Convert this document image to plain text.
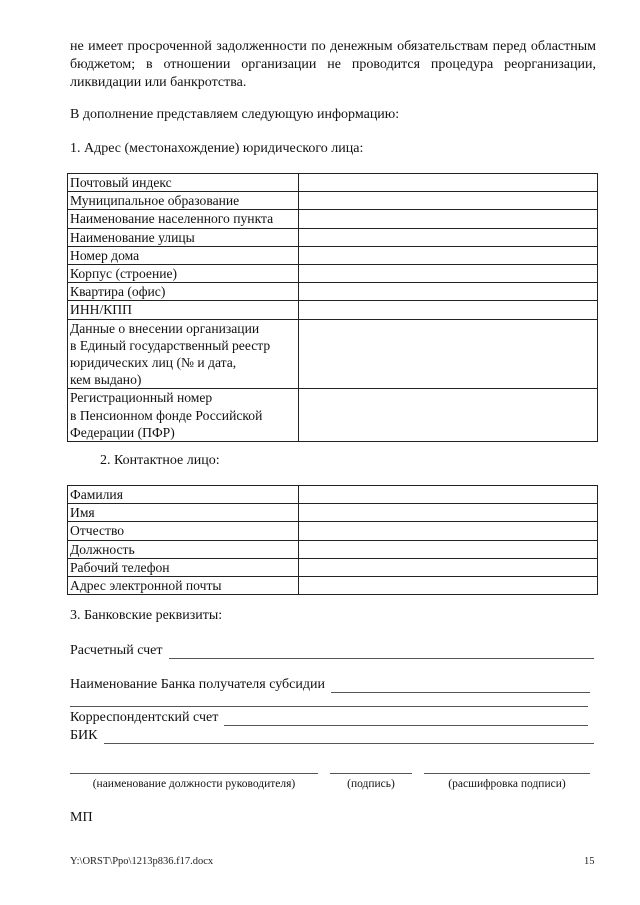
не имеет просроченной задолженности по денежным обязательствам перед областным бюджетом; в отношении организации не проводится процедура реорганизации, ликвидации или банкротства.
В дополнение представляем следующую информацию:
1. Адрес (местонахождение) юридического лица:
Почтовый индекс	
Муниципальное образование	
Наименование населенного пункта	
Наименование улицы	
Номер дома	
Корпус (строение)	
Квартира (офис)	
ИНН/КПП	
Данные о внесении организации
в Единый государственный реестр
юридических лиц (№ и дата,
кем выдано)	
Регистрационный номер
в Пенсионном фонде Российской
Федерации (ПФР)	
2. Контактное лицо:
Фамилия	
Имя	
Отчество	
Должность	
Рабочий телефон	
Адрес электронной почты	
3. Банковские реквизиты:
Расчетный счет
Наименование Банка получателя субсидии
Корреспондентский счет
БИК
(наименование должности руководителя)	(подпись)	(расшифровка подписи)
МП
Y:\ORST\Ppo\1213p836.f17.docx	15
